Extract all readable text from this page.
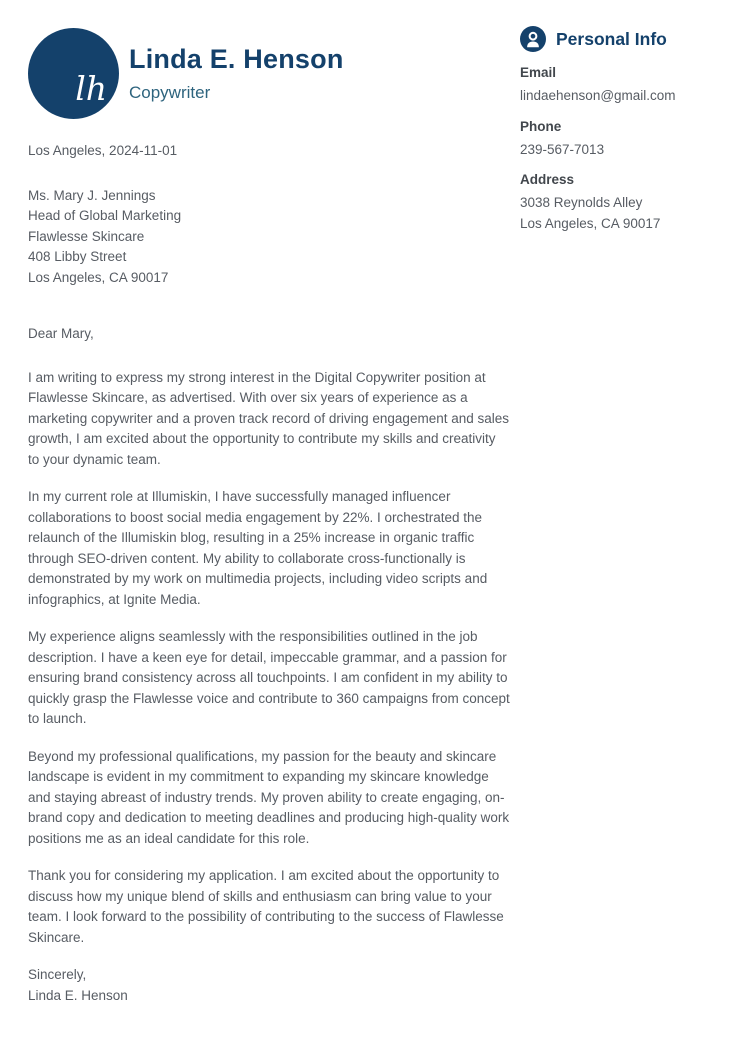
lh
Linda E. Henson

Copywriter

Los Angeles, 2024-11-01

Ms. Mary J. Jennings

Head of Global Marketing

Flawlesse Skincare

408 Libby Street

Los Angeles, CA 90017

Dear Mary,

I am writing to express my strong interest in the Digital Copywriter position at Flawlesse Skincare, as advertised. With over six years of experience as a marketing copywriter and a proven track record of driving engagement and sales growth, I am excited about the opportunity to contribute my skills and creativity to your dynamic team.

In my current role at Illumiskin, I have successfully managed influencer collaborations to boost social media engagement by 22%. I orchestrated the relaunch of the Illumiskin blog, resulting in a 25% increase in organic traffic through SEO-driven content. My ability to collaborate cross-functionally is demonstrated by my work on multimedia projects, including video scripts and infographics, at Ignite Media.

My experience aligns seamlessly with the responsibilities outlined in the job description. I have a keen eye for detail, impeccable grammar, and a passion for ensuring brand consistency across all touchpoints. I am confident in my ability to quickly grasp the Flawlesse voice and contribute to 360 campaigns from concept to launch.

Beyond my professional qualifications, my passion for the beauty and skincare landscape is evident in my commitment to expanding my skincare knowledge and staying abreast of industry trends. My proven ability to create engaging, on-brand copy and dedication to meeting deadlines and producing high-quality work positions me as an ideal candidate for this role.

Thank you for considering my application. I am excited about the opportunity to discuss how my unique blend of skills and enthusiasm can bring value to your team. I look forward to the possibility of contributing to the success of Flawlesse Skincare.

Sincerely,

Linda E. Henson

Personal Info

Email

lindaehenson@gmail.com

Phone

239-567-7013

Address

3038 Reynolds Alley

Los Angeles, CA 90017
